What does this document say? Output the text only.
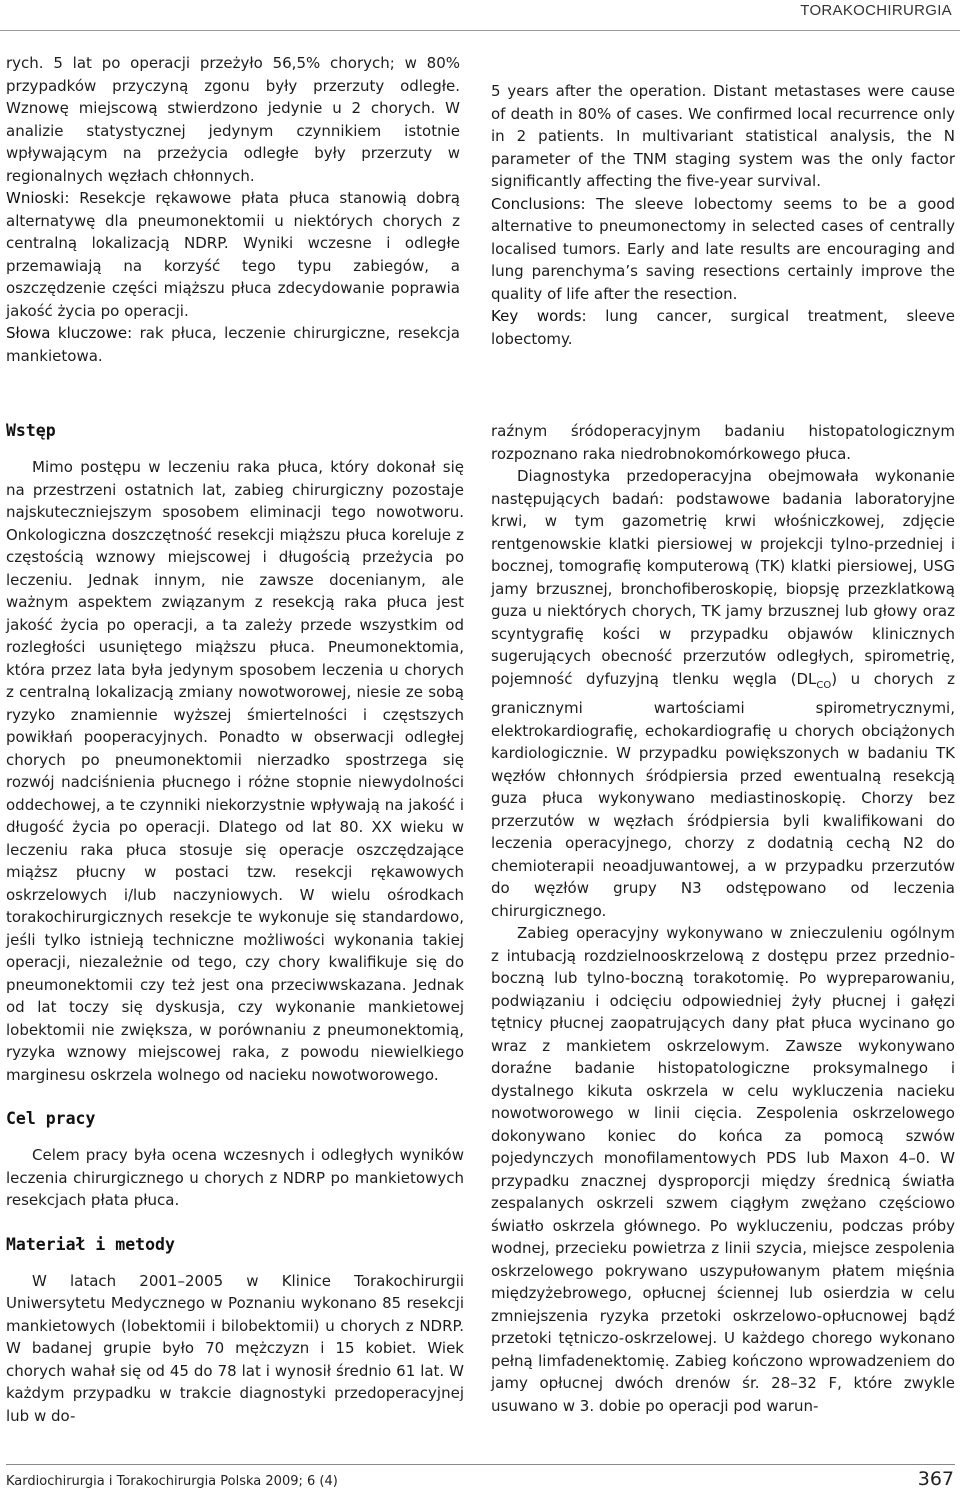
TORAKOCHIRURGIA

rych. 5 lat po operacji przeżyło 56,5% chorych; w 80% przypadków przyczyną zgonu były przerzuty odległe. Wznowę miejscową stwierdzono jedynie u 2 chorych. W analizie statystycznej jedynym czynnikiem istotnie wpływającym na przeżycia odległe były przerzuty w regionalnych węzłach chłonnych.

Wnioski: Resekcje rękawowe płata płuca stanowią dobrą alternatywę dla pneumonektomii u niektórych chorych z centralną lokalizacją NDRP. Wyniki wczesne i odległe przemawiają na korzyść tego typu zabiegów, a oszczędzenie części miąższu płuca zdecydowanie poprawia jakość życia po operacji.

Słowa kluczowe: rak płuca, leczenie chirurgiczne, resekcja mankietowa.

5 years after the operation. Distant metastases were cause of death in 80% of cases. We confirmed local recurrence only in 2 patients. In multivariant statistical analysis, the N parameter of the TNM staging system was the only factor significantly affecting the five-year survival.

Conclusions: The sleeve lobectomy seems to be a good alternative to pneumonectomy in selected cases of centrally localised tumors. Early and late results are encouraging and lung parenchyma’s saving resections certainly improve the quality of life after the resection.

Key words: lung cancer, surgical treatment, sleeve lobectomy.

Wstęp

Mimo postępu w leczeniu raka płuca, który dokonał się na przestrzeni ostatnich lat, zabieg chirurgiczny pozostaje najskuteczniejszym sposobem eliminacji tego nowotworu. Onkologiczna doszczętność resekcji miąższu płuca koreluje z częstością wznowy miejscowej i długością przeżycia po leczeniu. Jednak innym, nie zawsze docenianym, ale ważnym aspektem związanym z resekcją raka płuca jest jakość życia po operacji, a ta zależy przede wszystkim od rozległości usuniętego miąższu płuca. Pneumonektomia, która przez lata była jedynym sposobem leczenia u chorych z centralną lokalizacją zmiany nowotworowej, niesie ze sobą ryzyko znamiennie wyższej śmiertelności i częstszych powikłań pooperacyjnych. Ponadto w obserwacji odległej chorych po pneumonektomii nierzadko spostrzega się rozwój nadciśnienia płucnego i różne stopnie niewydolności oddechowej, a te czynniki niekorzystnie wpływają na jakość i długość życia po operacji. Dlatego od lat 80. XX wieku w leczeniu raka płuca stosuje się operacje oszczędzające miąższ płucny w postaci tzw. resekcji rękawowych oskrzelowych i/lub naczyniowych. W wielu ośrodkach torakochirurgicznych resekcje te wykonuje się standardowo, jeśli tylko istnieją techniczne możliwości wykonania takiej operacji, niezależnie od tego, czy chory kwalifikuje się do pneumonektomii czy też jest ona przeciwwskazana. Jednak od lat toczy się dyskusja, czy wykonanie mankietowej lobektomii nie zwiększa, w porównaniu z pneumonektomią, ryzyka wznowy miejscowej raka, z powodu niewielkiego marginesu oskrzela wolnego od nacieku nowotworowego.

Cel pracy

Celem pracy była ocena wczesnych i odległych wyników leczenia chirurgicznego u chorych z NDRP po mankietowych resekcjach płata płuca.

Materiał i metody

W latach 2001–2005 w Klinice Torakochirurgii Uniwersytetu Medycznego w Poznaniu wykonano 85 resekcji mankietowych (lobektomii i bilobektomii) u chorych z NDRP. W badanej grupie było 70 mężczyzn i 15 kobiet. Wiek chorych wahał się od 45 do 78 lat i wynosił średnio 61 lat. W każdym przypadku w trakcie diagnostyki przedoperacyjnej lub w do-

raźnym śródoperacyjnym badaniu histopatologicznym rozpoznano raka niedrobnokomórkowego płuca.

Diagnostyka przedoperacyjna obejmowała wykonanie następujących badań: podstawowe badania laboratoryjne krwi, w tym gazometrię krwi włośniczkowej, zdjęcie rentgenowskie klatki piersiowej w projekcji tylno-przedniej i bocznej, tomografię komputerową (TK) klatki piersiowej, USG jamy brzusznej, bronchofiberoskopię, biopsję przezklatkową guza u niektórych chorych, TK jamy brzusznej lub głowy oraz scyntygrafię kości w przypadku objawów klinicznych sugerujących obecność przerzutów odległych, spirometrię, pojemność dyfuzyjną tlenku węgla $(DL_{CO})$ u chorych z granicznymi wartościami spirometrycznymi, elektrokardiografię, echokardiografię u chorych obciążonych kardiologicznie. W przypadku powiększonych w badaniu TK węzłów chłonnych śródpiersia przed ewentualną resekcją guza płuca wykonywano mediastinoskopię. Chorzy bez przerzutów w węzłach śródpiersia byli kwalifikowani do leczenia operacyjnego, chorzy z dodatnią cechą N2 do chemioterapii neoadjuwantowej, a w przypadku przerzutów do węzłów grupy N3 odstępowano od leczenia chirurgicznego.

Zabieg operacyjny wykonywano w znieczuleniu ogólnym z intubacją rozdzielnooskrzelową z dostępu przez przednio-boczną lub tylno-boczną torakotomię. Po wypreparowaniu, podwiązaniu i odcięciu odpowiedniej żyły płucnej i gałęzi tętnicy płucnej zaopatrujących dany płat płuca wycinano go wraz z mankietem oskrzelowym. Zawsze wykonywano doraźne badanie histopatologiczne proksymalnego i dystalnego kikuta oskrzela w celu wykluczenia nacieku nowotworowego w linii cięcia. Zespolenia oskrzelowego dokonywano koniec do końca za pomocą szwów pojedynczych monofilamentowych PDS lub Maxon 4–0. W przypadku znacznej dysproporcji między średnicą światła zespalanych oskrzeli szwem ciągłym zwężano częściowo światło oskrzela głównego. Po wykluczeniu, podczas próby wodnej, przecieku powietrza z linii szycia, miejsce zespolenia oskrzelowego pokrywano uszypułowanym płatem mięśnia międzyżebrowego, opłucnej ściennej lub osierdzia w celu zmniejszenia ryzyka przetoki oskrzelowo-opłucnowej bądź przetoki tętniczo-oskrzelowej. U każdego chorego wykonano pełną limfadenektomię. Zabieg kończono wprowadzeniem do jamy opłucnej dwóch drenów śr. 28–32 F, które zwykle usuwano w 3. dobie po operacji pod warun-

Kardiochirurgia i Torakochirurgia Polska 2009; 6 (4)	367
